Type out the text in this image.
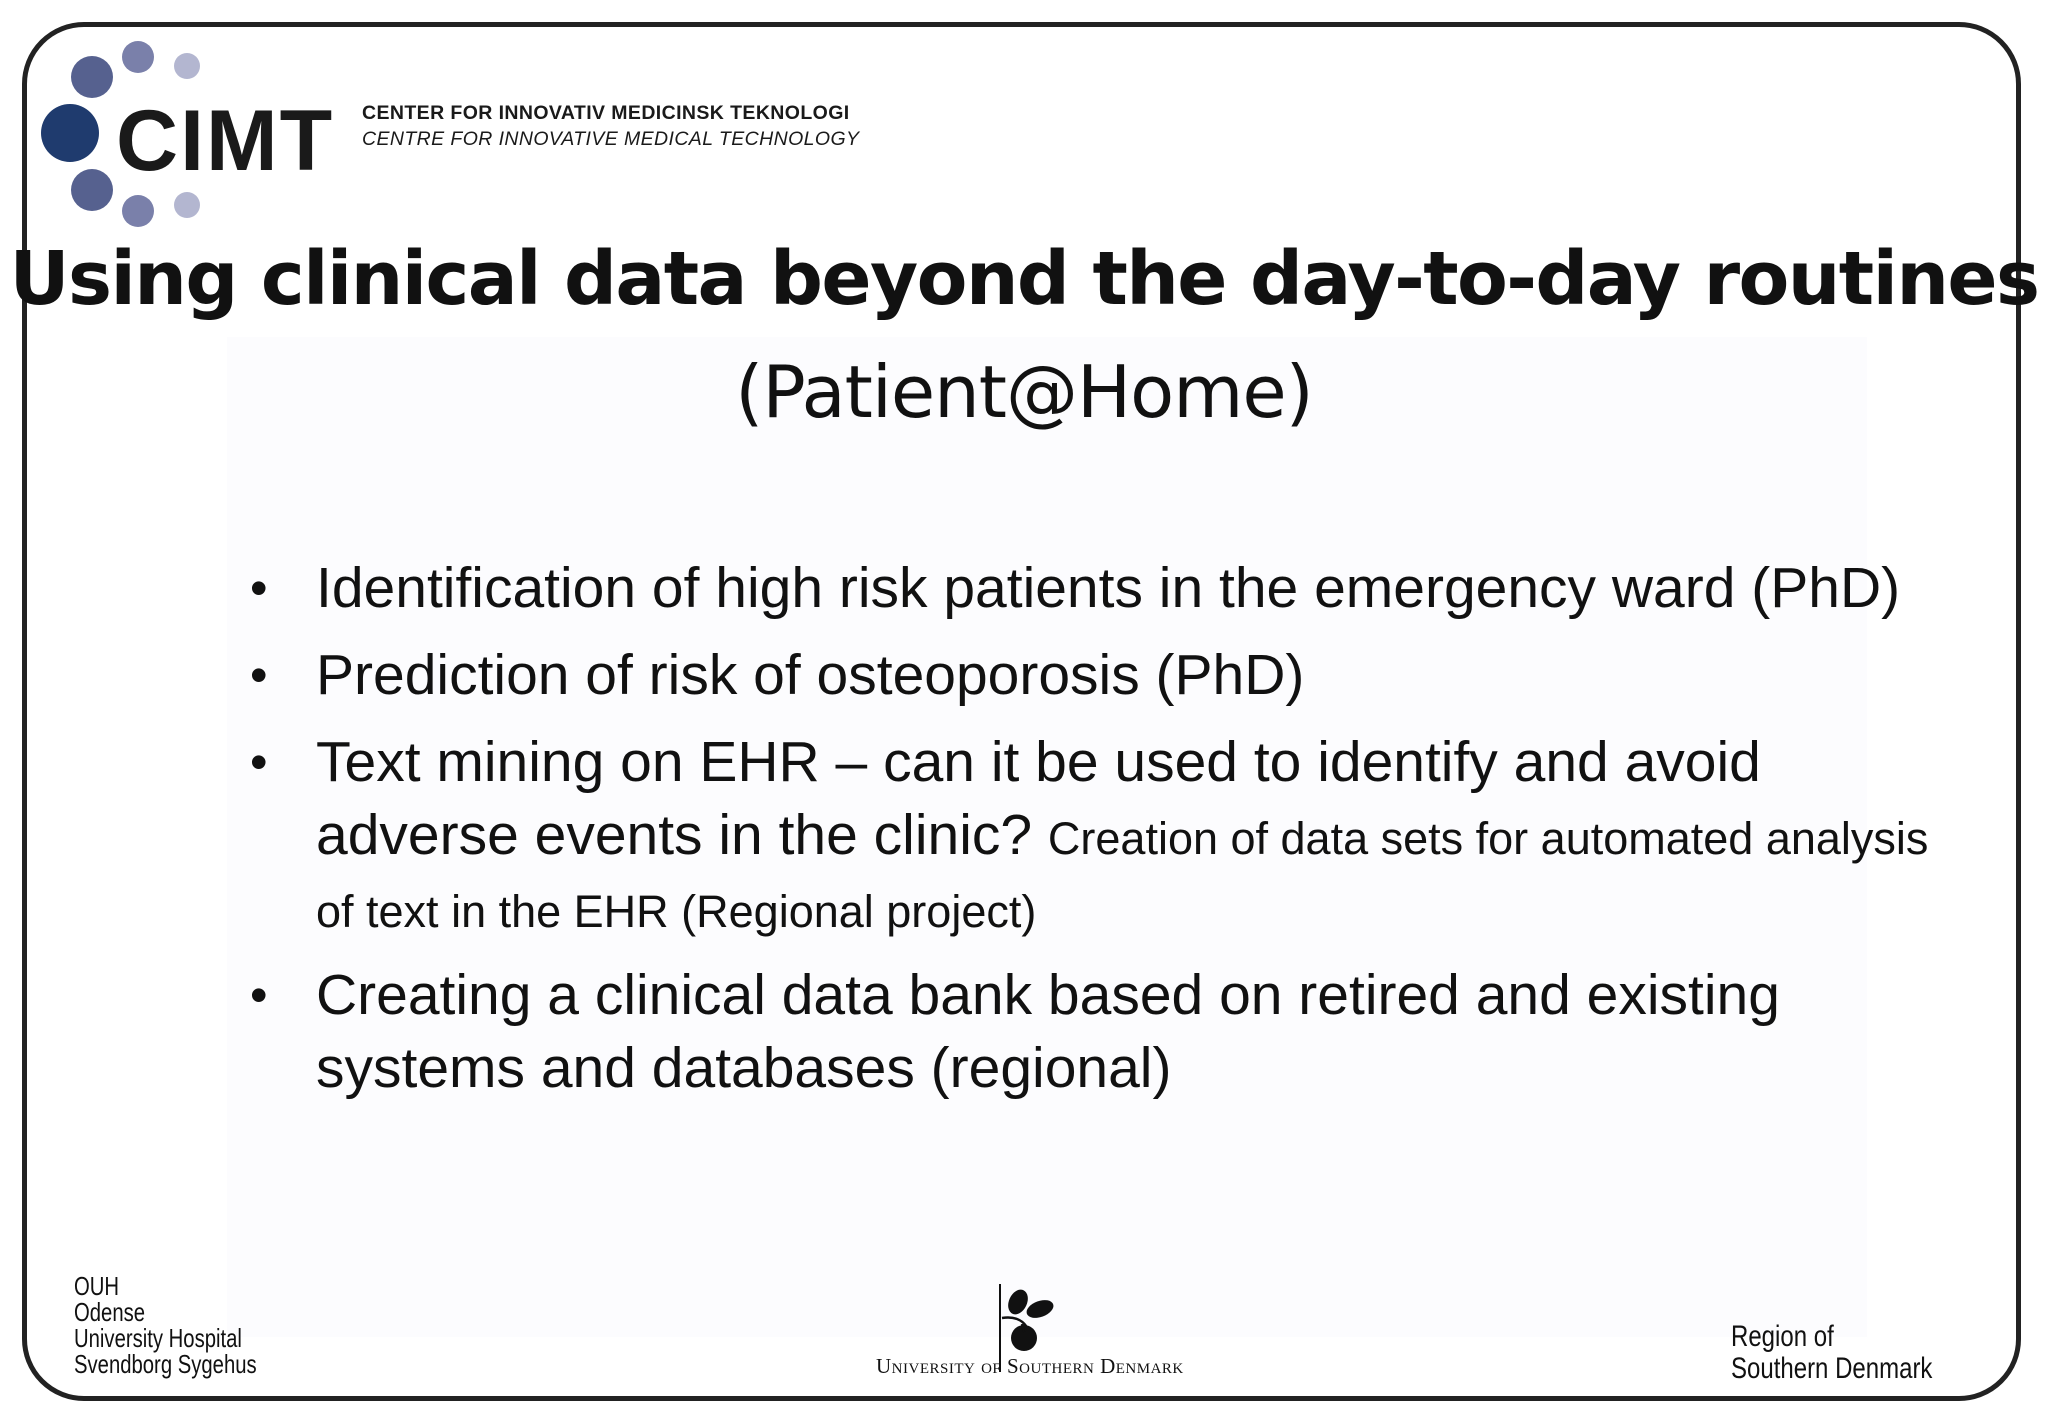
CIMT CENTER FOR INNOVATIV MEDICINSK TEKNOLOGI
CENTRE FOR INNOVATIVE MEDICAL TECHNOLOGY
Using clinical data beyond the day-to-day routines
(Patient@Home)
• Identification of high risk patients in the emergency ward (PhD)
• Prediction of risk of osteoporosis (PhD)
• Text mining on EHR – can it be used to identify and avoid adverse events in the clinic? Creation of data sets for automated analysis of text in the EHR (Regional project)
• Creating a clinical data bank based on retired and existing systems and databases (regional)
OUH
Odense
University Hospital
Svendborg Sygehus	University of Southern Denmark
Region of
Southern Denmark
